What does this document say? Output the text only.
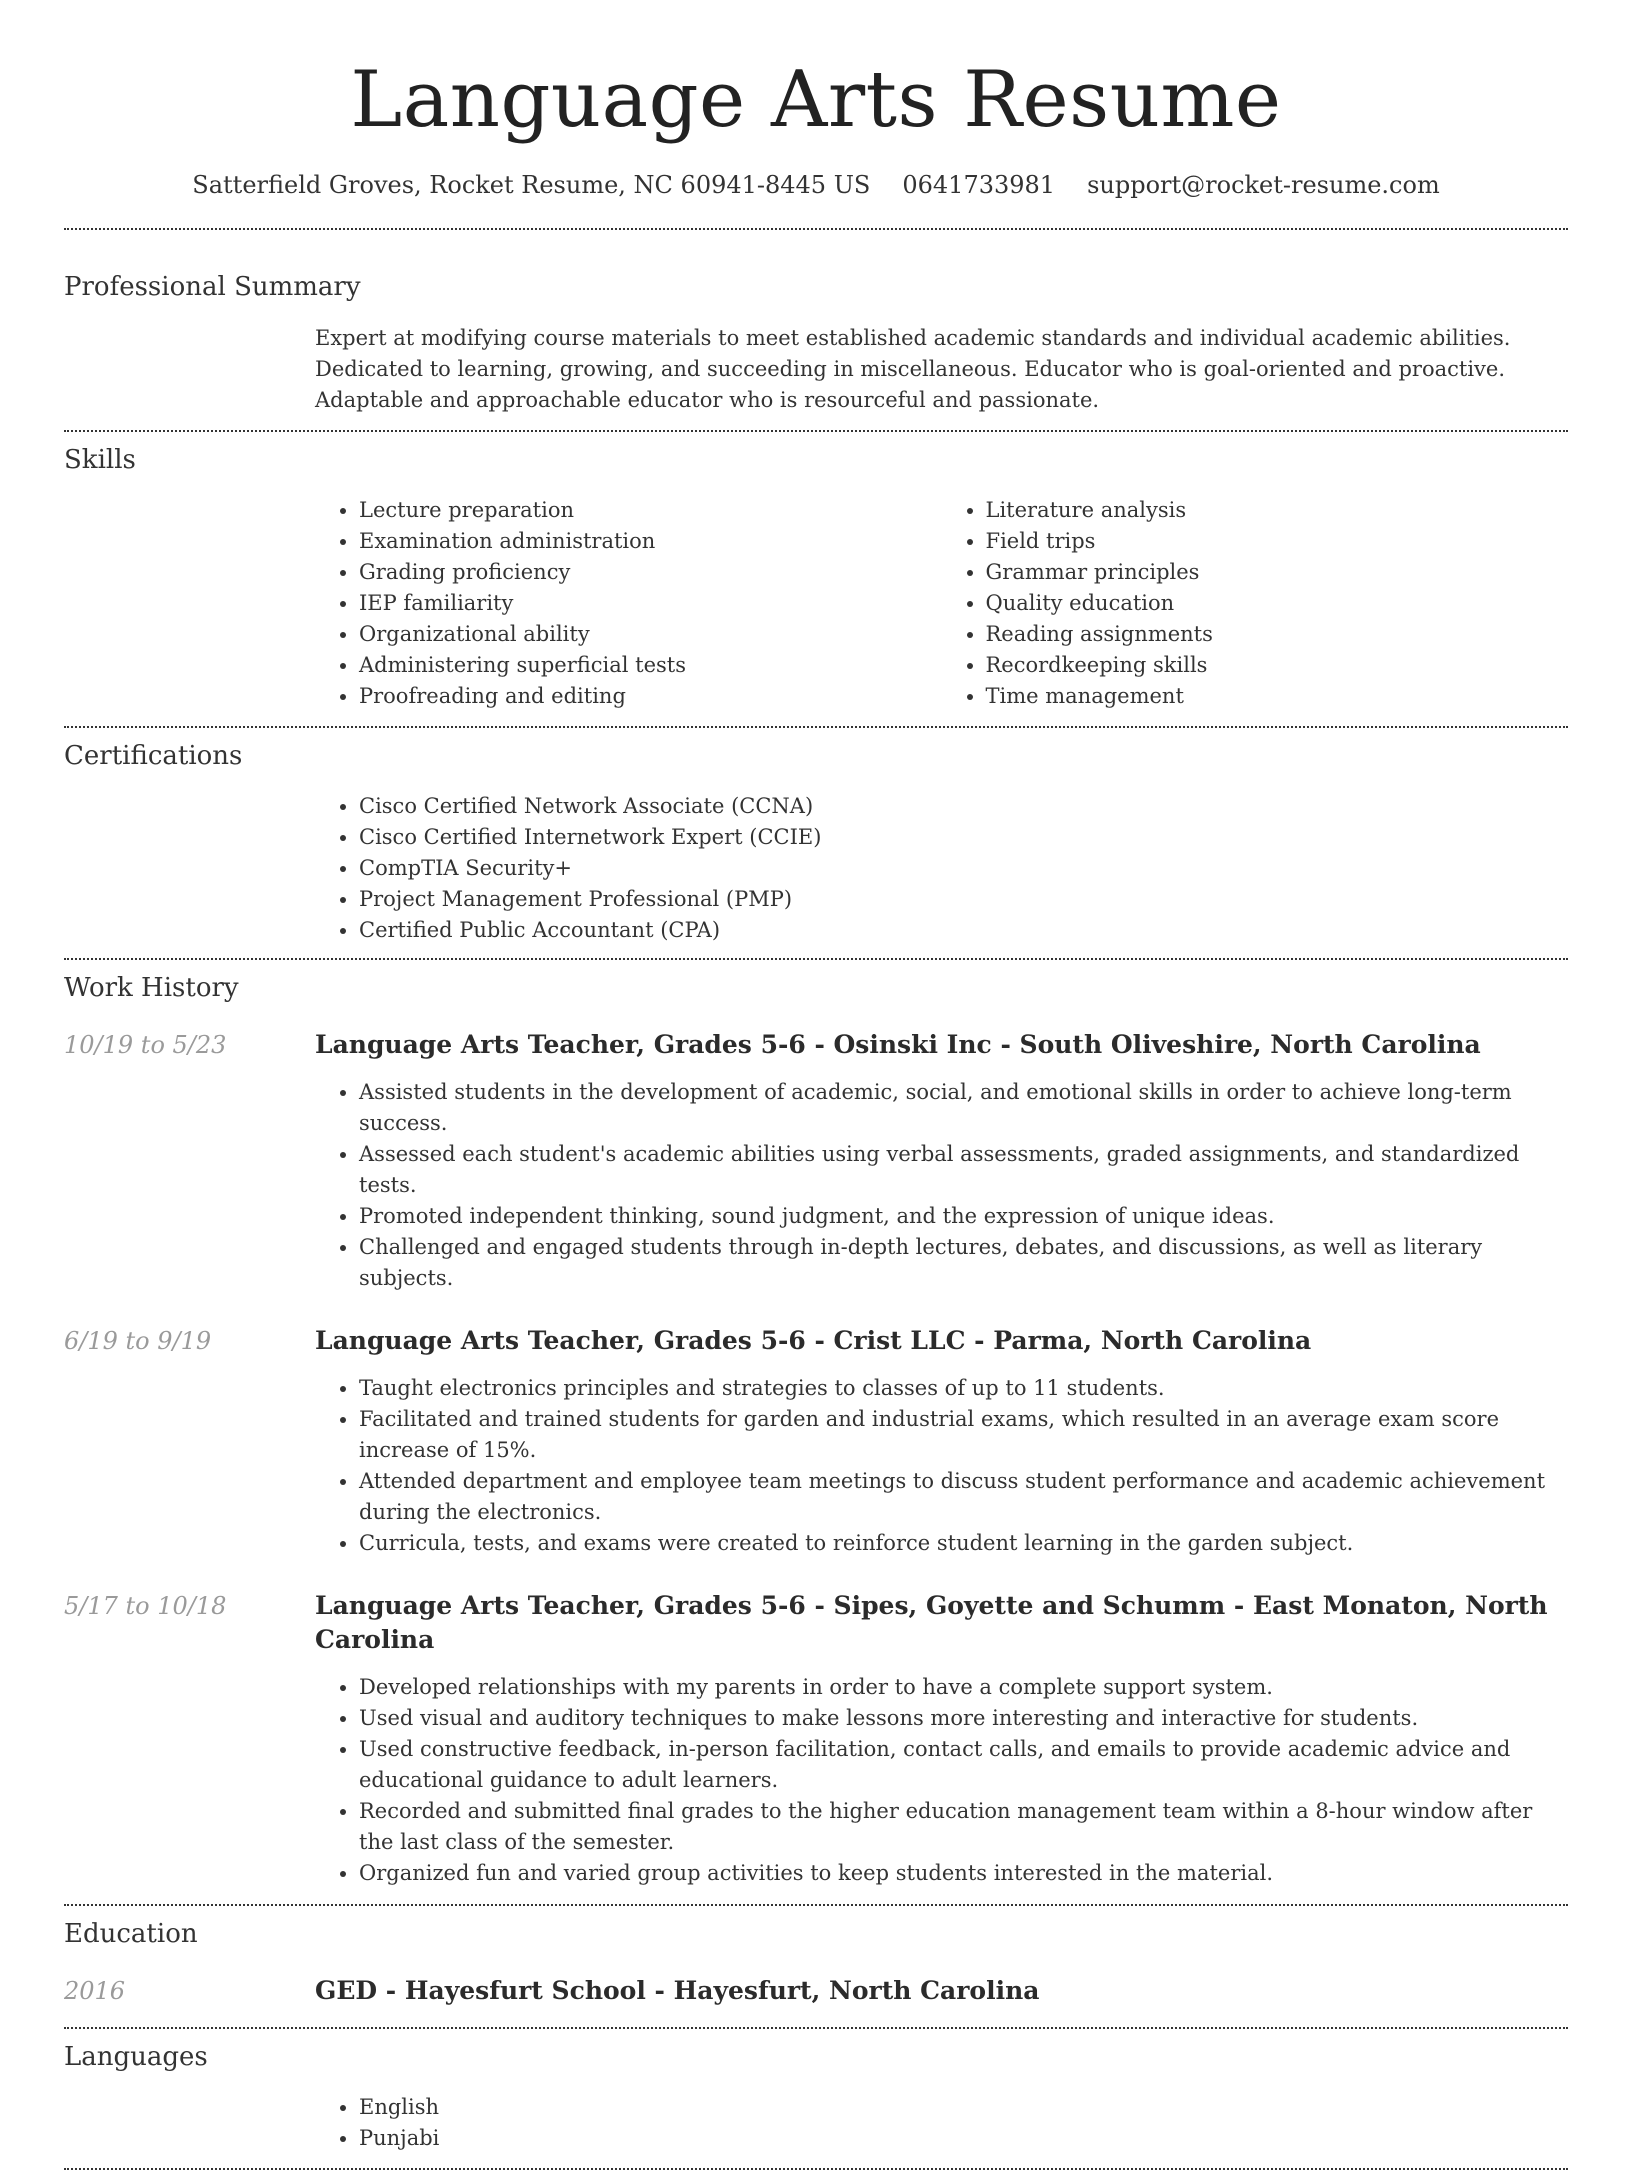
Language Arts Resume
Satterfield Groves, Rocket Resume, NC 60941-8445 US 0641733981 support@rocket-resume.com
Professional Summary

Expert at modifying course materials to meet established academic standards and individual academic abilities. Dedicated to learning, growing, and succeeding in miscellaneous. Educator who is goal-oriented and proactive. Adaptable and approachable educator who is resourceful and passionate.

Skills
• Lecture preparation
• Examination administration
• Grading proficiency
• IEP familiarity
• Organizational ability
• Administering superficial tests
• Proofreading and editing
• Literature analysis
• Field trips
• Grammar principles
• Quality education
• Reading assignments
• Recordkeeping skills
• Time management
Certifications
• Cisco Certified Network Associate (CCNA)
• Cisco Certified Internetwork Expert (CCIE)
• CompTIA Security+
• Project Management Professional (PMP)
• Certified Public Accountant (CPA)
Work History
10/19 to 5/23	Language Arts Teacher, Grades 5-6 - Osinski Inc - South Oliveshire, North Carolina
• Assisted students in the development of academic, social, and emotional skills in order to achieve long-term success.
• Assessed each student's academic abilities using verbal assessments, graded assignments, and standardized tests.
• Promoted independent thinking, sound judgment, and the expression of unique ideas.
• Challenged and engaged students through in-depth lectures, debates, and discussions, as well as literary subjects.
6/19 to 9/19	Language Arts Teacher, Grades 5-6 - Crist LLC - Parma, North Carolina
• Taught electronics principles and strategies to classes of up to 11 students.
• Facilitated and trained students for garden and industrial exams, which resulted in an average exam score increase of 15%.
• Attended department and employee team meetings to discuss student performance and academic achievement during the electronics.
• Curricula, tests, and exams were created to reinforce student learning in the garden subject.
5/17 to 10/18	Language Arts Teacher, Grades 5-6 - Sipes, Goyette and Schumm - East Monaton, North Carolina
• Developed relationships with my parents in order to have a complete support system.
• Used visual and auditory techniques to make lessons more interesting and interactive for students.
• Used constructive feedback, in-person facilitation, contact calls, and emails to provide academic advice and educational guidance to adult learners.
• Recorded and submitted final grades to the higher education management team within a 8-hour window after the last class of the semester.
• Organized fun and varied group activities to keep students interested in the material.
Education
2016	GED - Hayesfurt School - Hayesfurt, North Carolina
Languages
• English
• Punjabi
